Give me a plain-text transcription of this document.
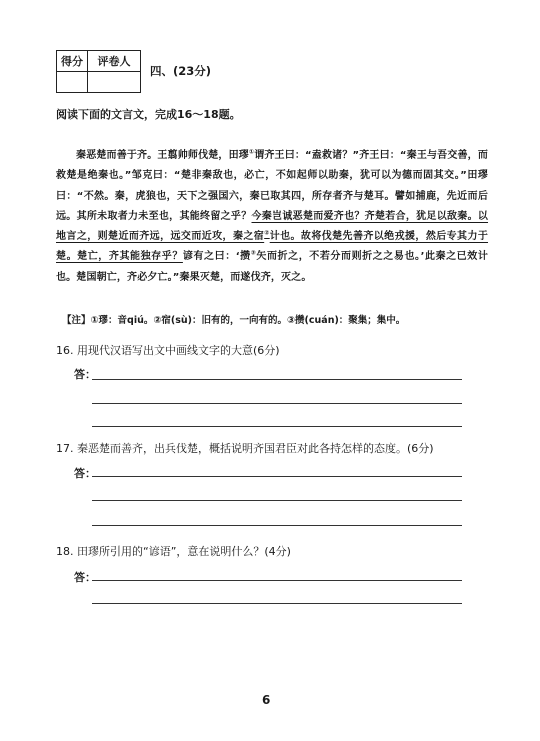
得分	评卷人

四、(23分)
阅读下面的文言文，完成16～18题。
秦恶楚而善于齐。王翦帅师伐楚，田璆①谓齐王曰：“盍救诸？”齐王曰：“秦王与吾交善，而救楚是绝秦也。”邹克曰：“楚非秦敌也，必亡，不如起师以助秦，犹可以为德而固其交。”田璆曰：“不然。秦，虎狼也，天下之强国六，秦已取其四，所存者齐与楚耳。譬如捕鹿，先近而后远。其所未取者力未至也，其能终留之乎？今秦岂诚恶楚而爱齐也？齐楚若合，犹足以敌秦。以地言之，则楚近而齐远，远交而近攻，秦之宿②计也。故将伐楚先善齐以绝戎援，然后专其力于楚。楚亡，齐其能独存乎？谚有之曰：‘攒③矢而折之，不若分而则折之之易也。’此秦之已效计也。楚国朝亡，齐必夕亡。”秦果灭楚，而遂伐齐，灭之。
【注】①璆：音qiú。②宿(sù)：旧有的，一向有的。③攒(cuán)：聚集；集中。
16. 用现代汉语写出文中画线文字的大意(6分)
答：
17. 秦恶楚而善齐，出兵伐楚，概括说明齐国君臣对此各持怎样的态度。(6分)
答：
18. 田璆所引用的“谚语”，意在说明什么？(4分)
答：
6
